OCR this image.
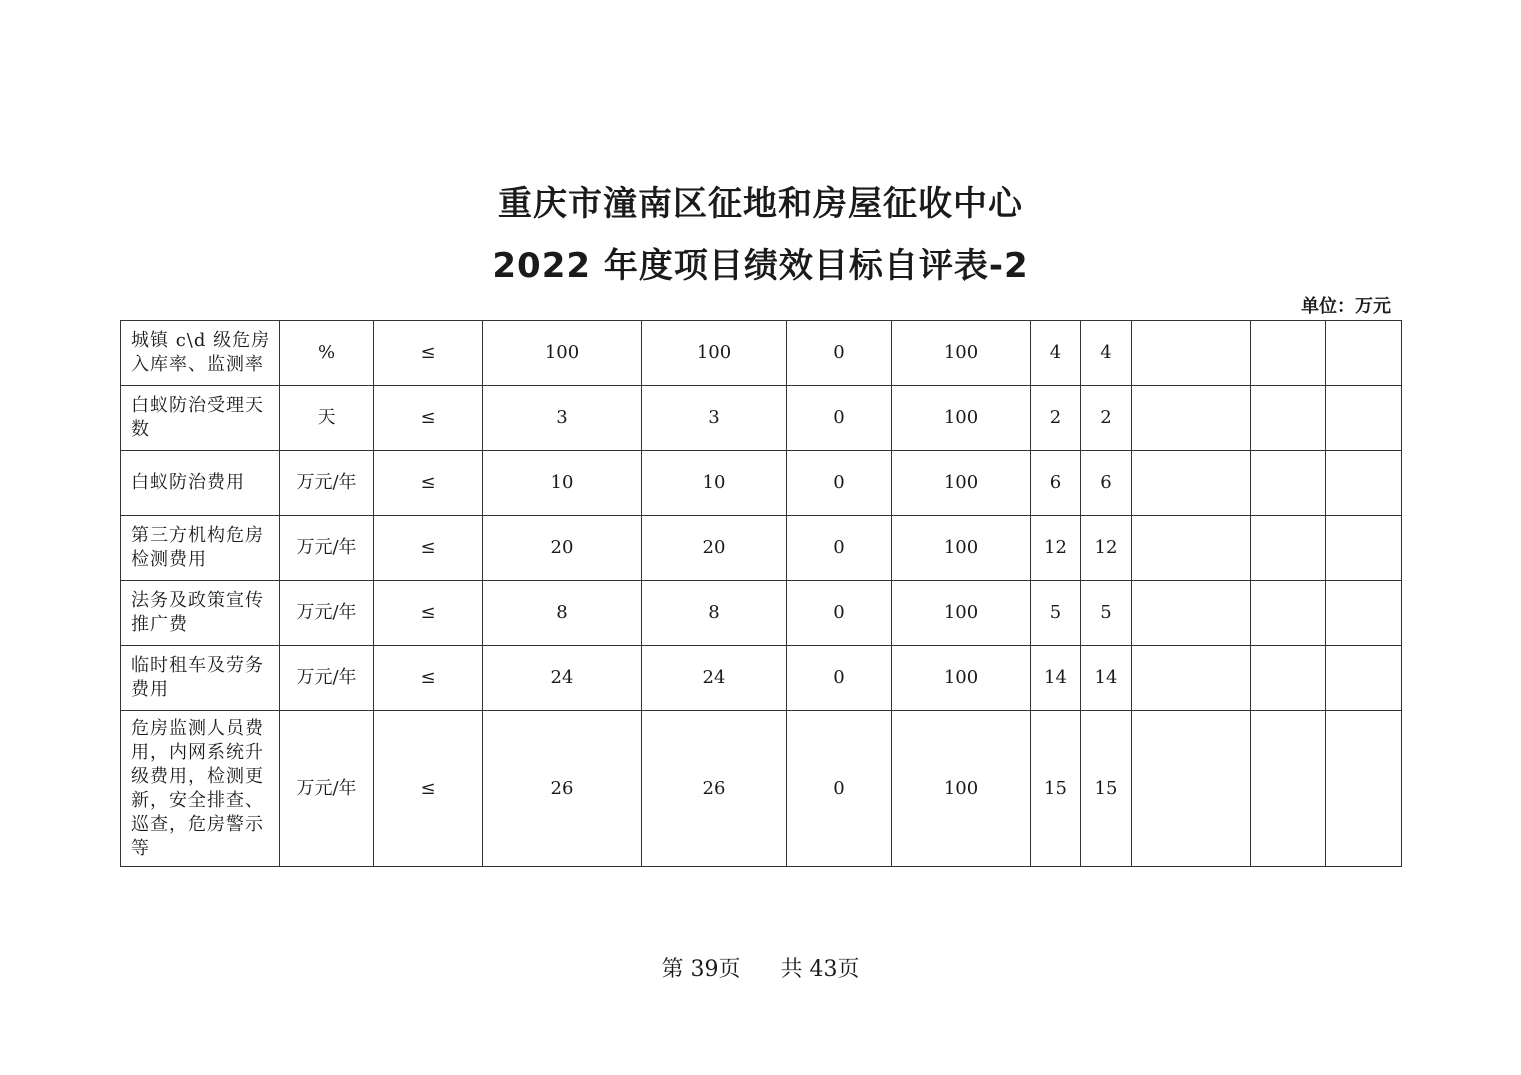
重庆市潼南区征地和房屋征收中心
2022 年度项目绩效目标自评表-2
单位：万元
城镇 c\d 级危房入库率、监测率	%	≤	100	100	0	100	4	4			
白蚁防治受理天数	天	≤	3	3	0	100	2	2			
白蚁防治费用	万元/年	≤	10	10	0	100	6	6			
第三方机构危房检测费用	万元/年	≤	20	20	0	100	12	12			
法务及政策宣传推广费	万元/年	≤	8	8	0	100	5	5			
临时租车及劳务费用	万元/年	≤	24	24	0	100	14	14			
危房监测人员费用，内网系统升级费用，检测更新，安全排查、巡查，危房警示等	万元/年	≤	26	26	0	100	15	15			
第 39页 共 43页
